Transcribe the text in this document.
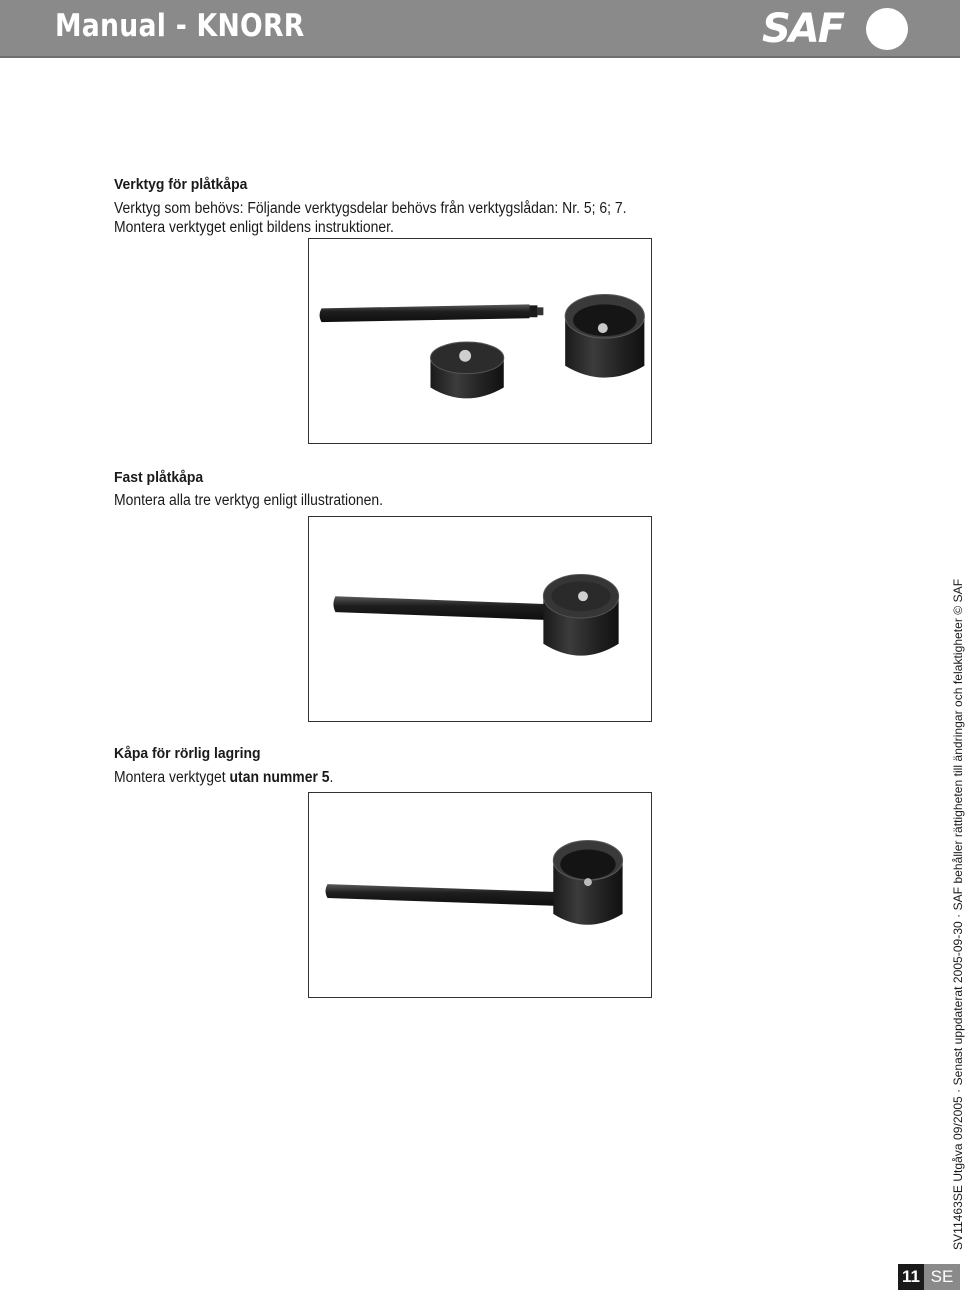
Manual - KNORR	SAF
Verktyg för plåtkåpa
Verktyg som behövs: Följande verktygsdelar behövs från verktygslådan: Nr. 5; 6; 7.
Montera verktyget enligt bildens instruktioner.
Fast plåtkåpa
Montera alla tre verktyg enligt illustrationen.
Kåpa för rörlig lagring
Montera verktyget utan nummer 5.	SV11463SE Utgåva 09/2005 · Senast uppdaterat 2005-09-30 · SAF behåller rättigheten till ändringar och felaktigheter © SAF
11 SE
